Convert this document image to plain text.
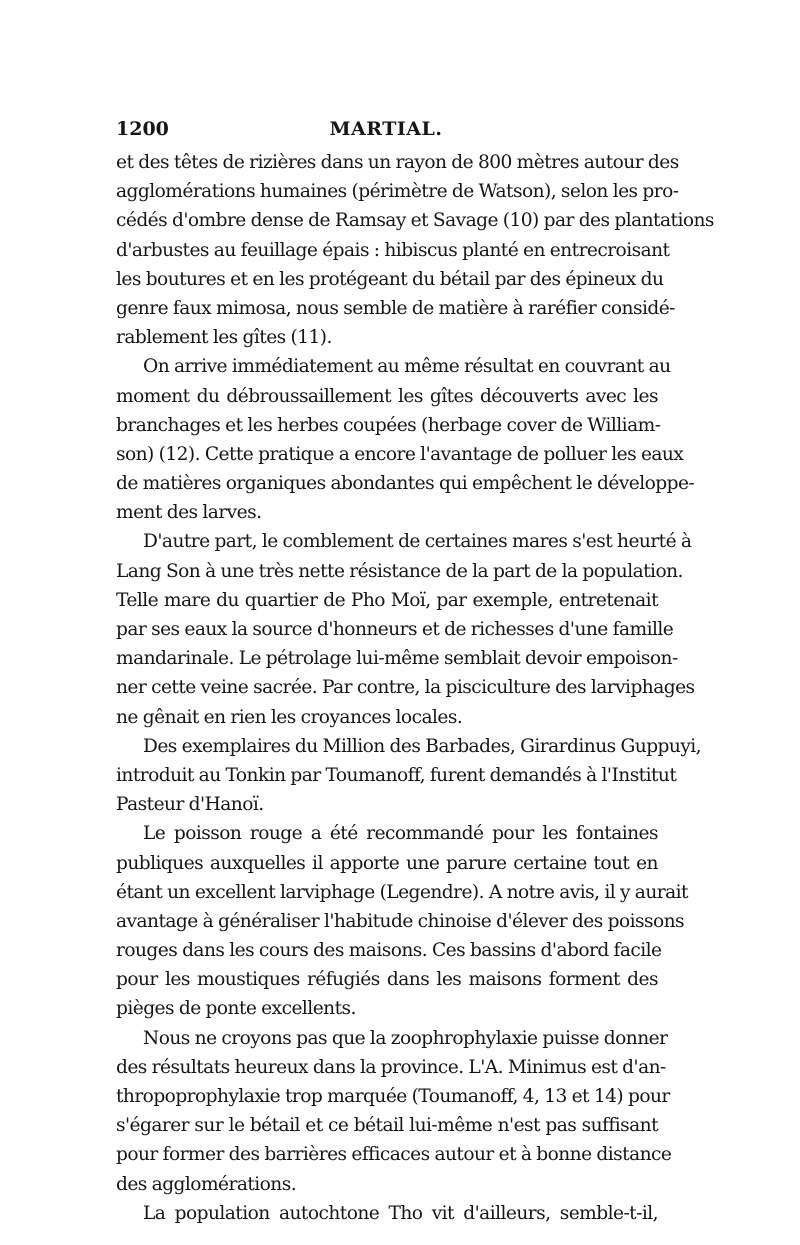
1200	MARTIAL.
et des têtes de rizières dans un rayon de 800 mètres autour des
agglomérations humaines (périmètre de Watson), selon les pro-
cédés d'ombre dense de Ramsay et Savage (10) par des plantations
d'arbustes au feuillage épais : hibiscus planté en entrecroisant
les boutures et en les protégeant du bétail par des épineux du
genre faux mimosa, nous semble de matière à raréfier considé-
rablement les gîtes (11).
On arrive immédiatement au même résultat en couvrant au
moment du débroussaillement les gîtes découverts avec les
branchages et les herbes coupées (herbage cover de William-
son) (12). Cette pratique a encore l'avantage de polluer les eaux
de matières organiques abondantes qui empêchent le développe-
ment des larves.
D'autre part, le comblement de certaines mares s'est heurté à
Lang Son à une très nette résistance de la part de la population.
Telle mare du quartier de Pho Moï, par exemple, entretenait
par ses eaux la source d'honneurs et de richesses d'une famille
mandarinale. Le pétrolage lui-même semblait devoir empoison-
ner cette veine sacrée. Par contre, la pisciculture des larviphages
ne gênait en rien les croyances locales.
Des exemplaires du Million des Barbades, Girardinus Guppuyi,
introduit au Tonkin par Toumanoff, furent demandés à l'Institut
Pasteur d'Hanoï.
Le poisson rouge a été recommandé pour les fontaines
publiques auxquelles il apporte une parure certaine tout en
étant un excellent larviphage (Legendre). A notre avis, il y aurait
avantage à généraliser l'habitude chinoise d'élever des poissons
rouges dans les cours des maisons. Ces bassins d'abord facile
pour les moustiques réfugiés dans les maisons forment des
pièges de ponte excellents.
Nous ne croyons pas que la zoophrophylaxie puisse donner
des résultats heureux dans la province. L'A. Minimus est d'an-
thropoprophylaxie trop marquée (Toumanoff, 4, 13 et 14) pour
s'égarer sur le bétail et ce bétail lui-même n'est pas suffisant
pour former des barrières efficaces autour et à bonne distance
des agglomérations.
La population autochtone Tho vit d'ailleurs, semble-t-il,
